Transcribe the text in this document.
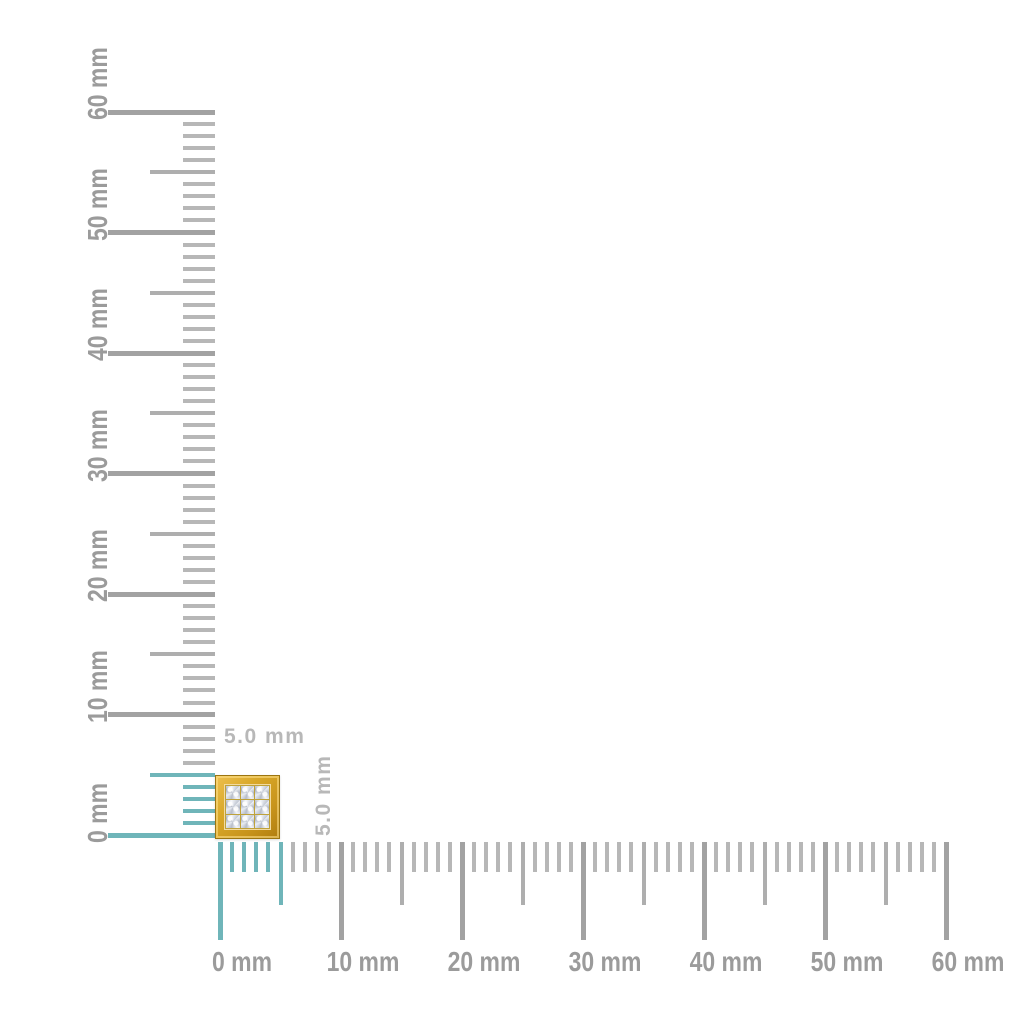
0 mm
10 mm
20 mm
30 mm
40 mm
50 mm
60 mm
0 mm 10 mm 20 mm 30 mm 40 mm 50 mm 60 mm
5.0 mm
5.0 mm
